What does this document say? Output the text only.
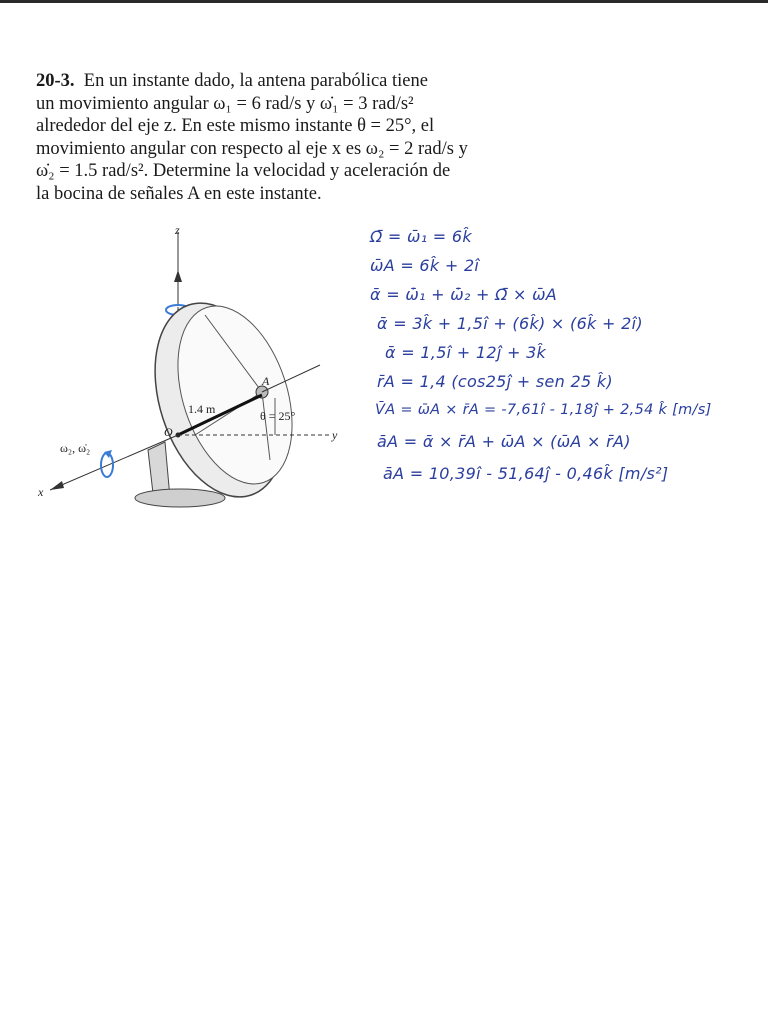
20-3. En un instante dado, la antena parabólica tiene
un movimiento angular ω₁ = 6 rad/s y ω̇₁ = 3 rad/s²
alrededor del eje z. En este mismo instante θ = 25°, el
movimiento angular con respecto al eje x es ω₂ = 2 rad/s y
ω̇₂ = 1.5 rad/s². Determine la velocidad y aceleración de
la bocina de señales A en este instante.
z
A
1.4 m
y
θ = 25°
O
x
ω₂, ω̇₂
Ω̄ = ω̄₁ = 6k̂
ω̄A = 6k̂ + 2î
ᾱ = ω̄̇₁ + ω̄̇₂ + Ω̄ × ω̄A
ᾱ = 3k̂ + 1,5î + (6k̂) × (6k̂ + 2î)
ᾱ = 1,5î + 12ĵ + 3k̂
r̄A = 1,4 (cos25ĵ + sen 25 k̂)
V̄A = ω̄A × r̄A = -7,61î - 1,18ĵ + 2,54 k̂ [m/s]
āA = ᾱ × r̄A + ω̄A × (ω̄A × r̄A)
āA = 10,39î - 51,64ĵ - 0,46k̂ [m/s²]
